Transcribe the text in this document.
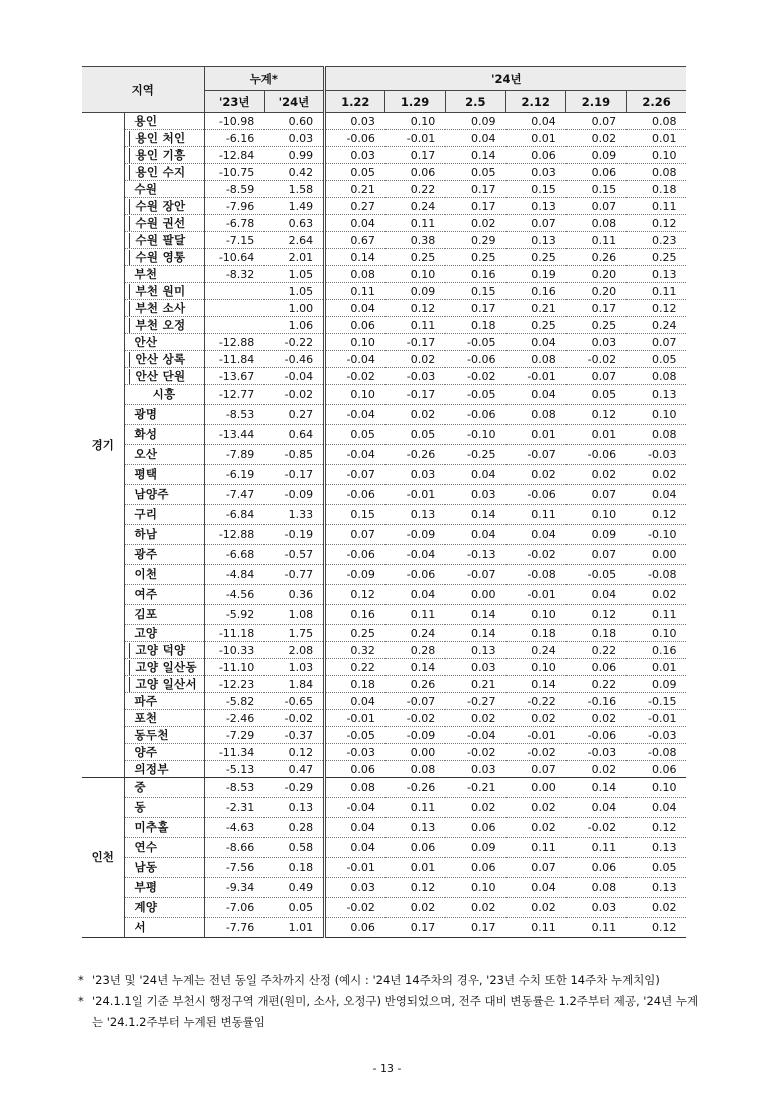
지역		누계*		'24년					
		'23년	'24년	1.22	1.29	2.5	2.12	2.19	2.26
경기	용인	-10.98	0.60	0.03	0.10	0.09	0.04	0.07	0.08
	용인 처인	-6.16	0.03	-0.06	-0.01	0.04	0.01	0.02	0.01
	용인 기흥	-12.84	0.99	0.03	0.17	0.14	0.06	0.09	0.10
	용인 수지	-10.75	0.42	0.05	0.06	0.05	0.03	0.06	0.08
	수원	-8.59	1.58	0.21	0.22	0.17	0.15	0.15	0.18
	수원 장안	-7.96	1.49	0.27	0.24	0.17	0.13	0.07	0.11
	수원 권선	-6.78	0.63	0.04	0.11	0.02	0.07	0.08	0.12
	수원 팔달	-7.15	2.64	0.67	0.38	0.29	0.13	0.11	0.23
	수원 영통	-10.64	2.01	0.14	0.25	0.25	0.25	0.26	0.25
	부천	-8.32	1.05	0.08	0.10	0.16	0.19	0.20	0.13
	부천 원미		1.05	0.11	0.09	0.15	0.16	0.20	0.11
	부천 소사		1.00	0.04	0.12	0.17	0.21	0.17	0.12
	부천 오정		1.06	0.06	0.11	0.18	0.25	0.25	0.24
	안산	-12.88	-0.22	0.10	-0.17	-0.05	0.04	0.03	0.07
	안산 상록	-11.84	-0.46	-0.04	0.02	-0.06	0.08	-0.02	0.05
	안산 단원	-13.67	-0.04	-0.02	-0.03	-0.02	-0.01	0.07	0.08
	시흥	-12.77	-0.02	0.10	-0.17	-0.05	0.04	0.05	0.13
	광명	-8.53	0.27	-0.04	0.02	-0.06	0.08	0.12	0.10
	화성	-13.44	0.64	0.05	0.05	-0.10	0.01	0.01	0.08
	오산	-7.89	-0.85	-0.04	-0.26	-0.25	-0.07	-0.06	-0.03
	평택	-6.19	-0.17	-0.07	0.03	0.04	0.02	0.02	0.02
	남양주	-7.47	-0.09	-0.06	-0.01	0.03	-0.06	0.07	0.04
	구리	-6.84	1.33	0.15	0.13	0.14	0.11	0.10	0.12
	하남	-12.88	-0.19	0.07	-0.09	0.04	0.04	0.09	-0.10
	광주	-6.68	-0.57	-0.06	-0.04	-0.13	-0.02	0.07	0.00
	이천	-4.84	-0.77	-0.09	-0.06	-0.07	-0.08	-0.05	-0.08
	여주	-4.56	0.36	0.12	0.04	0.00	-0.01	0.04	0.02
	김포	-5.92	1.08	0.16	0.11	0.14	0.10	0.12	0.11
	고양	-11.18	1.75	0.25	0.24	0.14	0.18	0.18	0.10
	고양 덕양	-10.33	2.08	0.32	0.28	0.13	0.24	0.22	0.16
	고양 일산동	-11.10	1.03	0.22	0.14	0.03	0.10	0.06	0.01
	고양 일산서	-12.23	1.84	0.18	0.26	0.21	0.14	0.22	0.09
	파주	-5.82	-0.65	0.04	-0.07	-0.27	-0.22	-0.16	-0.15
	포천	-2.46	-0.02	-0.01	-0.02	0.02	0.02	0.02	-0.01
	동두천	-7.29	-0.37	-0.05	-0.09	-0.04	-0.01	-0.06	-0.03
	양주	-11.34	0.12	-0.03	0.00	-0.02	-0.02	-0.03	-0.08
	의정부	-5.13	0.47	0.06	0.08	0.03	0.07	0.02	0.06
인천	중	-8.53	-0.29	0.08	-0.26	-0.21	0.00	0.14	0.10
	동	-2.31	0.13	-0.04	0.11	0.02	0.02	0.04	0.04
	미추홀	-4.63	0.28	0.04	0.13	0.06	0.02	-0.02	0.12
	연수	-8.66	0.58	0.04	0.06	0.09	0.11	0.11	0.13
	남동	-7.56	0.18	-0.01	0.01	0.06	0.07	0.06	0.05
	부평	-9.34	0.49	0.03	0.12	0.10	0.04	0.08	0.13
	계양	-7.06	0.05	-0.02	0.02	0.02	0.02	0.03	0.02
	서	-7.76	1.01	0.06	0.17	0.17	0.11	0.11	0.12
* '23년 및 '24년 누계는 전년 동일 주차까지 산정 (예시 : '24년 14주차의 경우, '23년 수치 또한 14주차 누계치임)
* '24.1.1일 기준 부천시 행정구역 개편(원미, 소사, 오정구) 반영되었으며, 전주 대비 변동률은 1.2주부터 제공, '24년 누계는 '24.1.2주부터 누계된 변동률임
- 13 -
